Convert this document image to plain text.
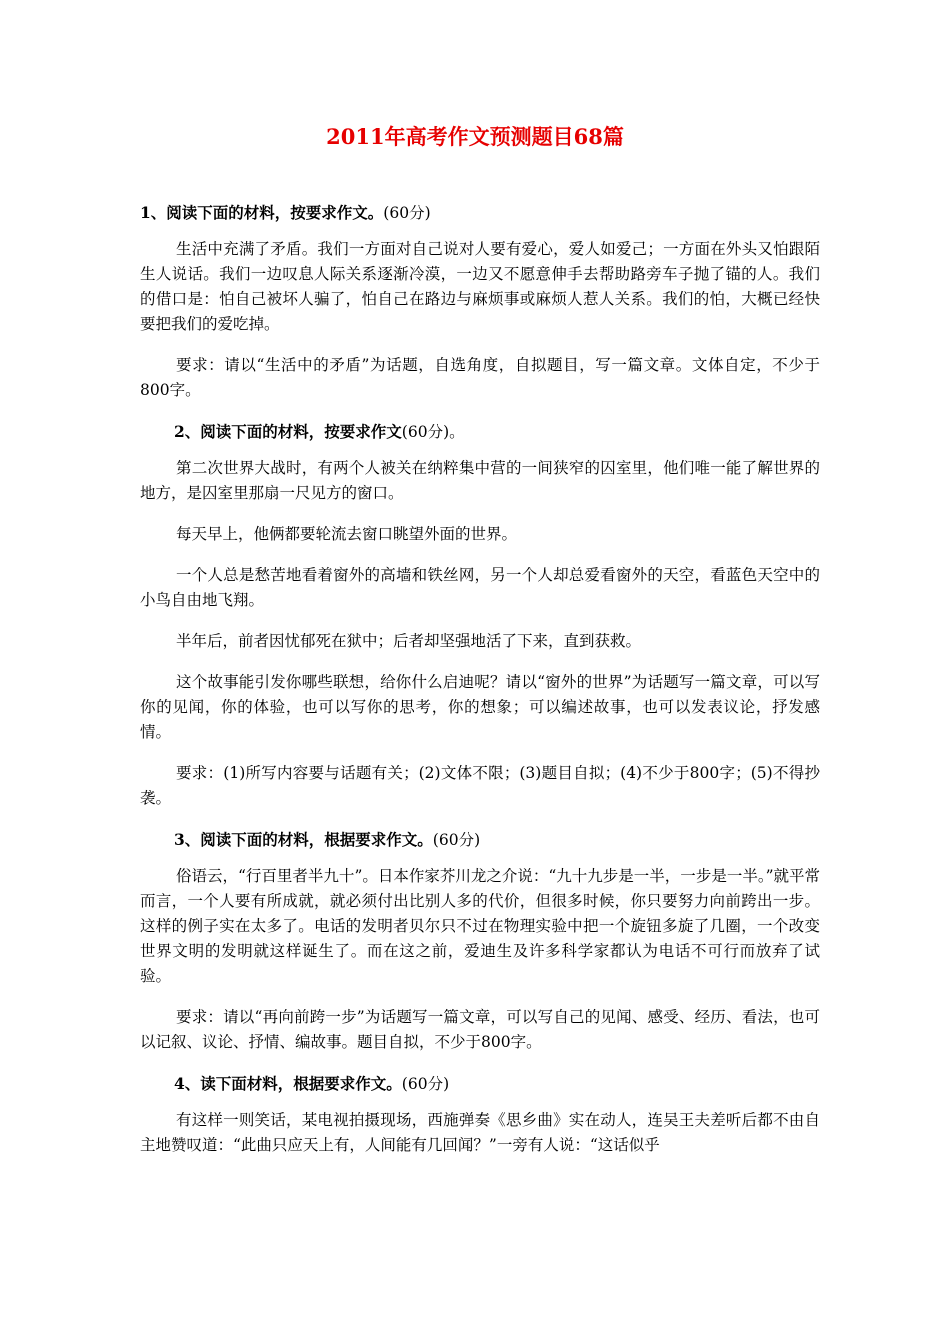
2011年高考作文预测题目68篇
1、阅读下面的材料，按要求作文。(60分)

生活中充满了矛盾。我们一方面对自己说对人要有爱心，爱人如爱己；一方面在外头又怕跟陌生人说话。我们一边叹息人际关系逐渐冷漠，一边又不愿意伸手去帮助路旁车子抛了锚的人。我们的借口是：怕自己被坏人骗了，怕自己在路边与麻烦事或麻烦人惹人关系。我们的怕，大概已经快要把我们的爱吃掉。

要求：请以“生活中的矛盾”为话题，自选角度，自拟题目，写一篇文章。文体自定，不少于800字。

2、阅读下面的材料，按要求作文(60分)。

第二次世界大战时，有两个人被关在纳粹集中营的一间狭窄的囚室里，他们唯一能了解世界的地方，是囚室里那扇一尺见方的窗口。

每天早上，他俩都要轮流去窗口眺望外面的世界。

一个人总是愁苦地看着窗外的高墙和铁丝网，另一个人却总爱看窗外的天空，看蓝色天空中的小鸟自由地飞翔。

半年后，前者因忧郁死在狱中；后者却坚强地活了下来，直到获救。

这个故事能引发你哪些联想，给你什么启迪呢？请以“窗外的世界”为话题写一篇文章，可以写你的见闻，你的体验，也可以写你的思考，你的想象；可以编述故事，也可以发表议论，抒发感情。

要求：(1)所写内容要与话题有关；(2)文体不限；(3)题目自拟；(4)不少于800字；(5)不得抄袭。

3、阅读下面的材料，根据要求作文。(60分)

俗语云，“行百里者半九十”。日本作家芥川龙之介说：“九十九步是一半，一步是一半。”就平常而言，一个人要有所成就，就必须付出比别人多的代价，但很多时候，你只要努力向前跨出一步。这样的例子实在太多了。电话的发明者贝尔只不过在物理实验中把一个旋钮多旋了几圈，一个改变世界文明的发明就这样诞生了。而在这之前，爱迪生及许多科学家都认为电话不可行而放弃了试验。

要求：请以“再向前跨一步”为话题写一篇文章，可以写自己的见闻、感受、经历、看法，也可以记叙、议论、抒情、编故事。题目自拟，不少于800字。

4、读下面材料，根据要求作文。(60分)

有这样一则笑话，某电视拍摄现场，西施弹奏《思乡曲》实在动人，连吴王夫差听后都不由自主地赞叹道：“此曲只应天上有，人间能有几回闻？”一旁有人说：“这话似乎
